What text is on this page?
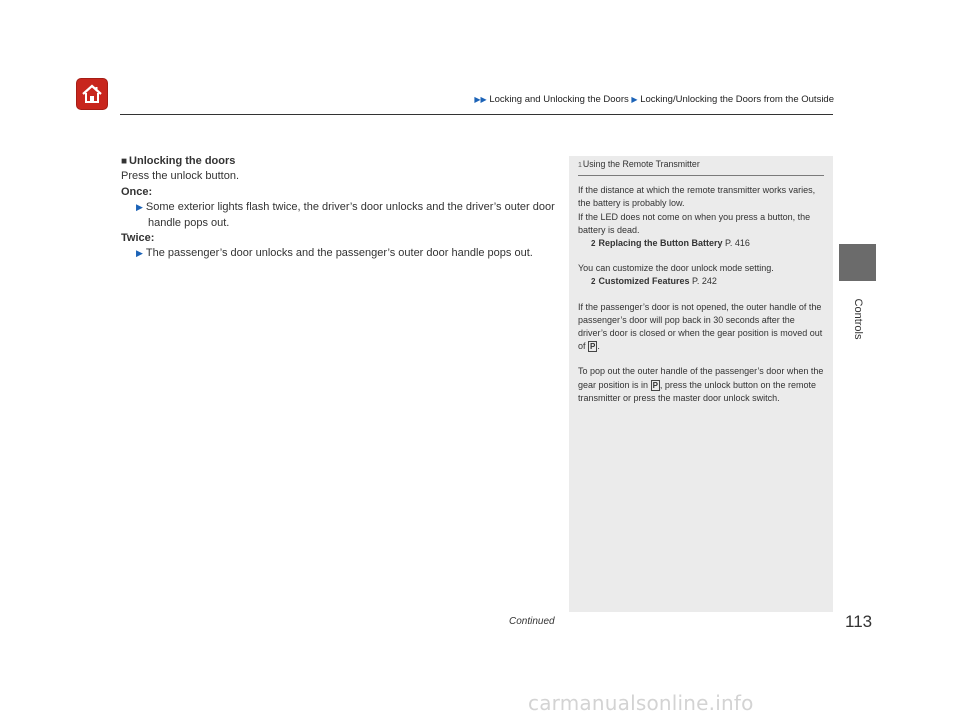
▶▶ Locking and Unlocking the Doors ▶ Locking/Unlocking the Doors from the Outside
■ Unlocking the doors
Press the unlock button.
Once:
▶ Some exterior lights flash twice, the driver’s door unlocks and the driver’s outer door handle pops out.
Twice:
▶ The passenger’s door unlocks and the passenger’s outer door handle pops out.
1Using the Remote Transmitter

If the distance at which the remote transmitter works varies, the battery is probably low.

If the LED does not come on when you press a button, the battery is dead.

2 Replacing the Button Battery P. 416

You can customize the door unlock mode setting.

2 Customized Features P. 242

If the passenger’s door is not opened, the outer handle of the passenger’s door will pop back in 30 seconds after the driver’s door is closed or when the gear position is moved out of P .

To pop out the outer handle of the passenger’s door when the gear position is in P , press the unlock button on the remote transmitter or press the master door unlock switch.

Controls
Continued	113
carmanualsonline.info
